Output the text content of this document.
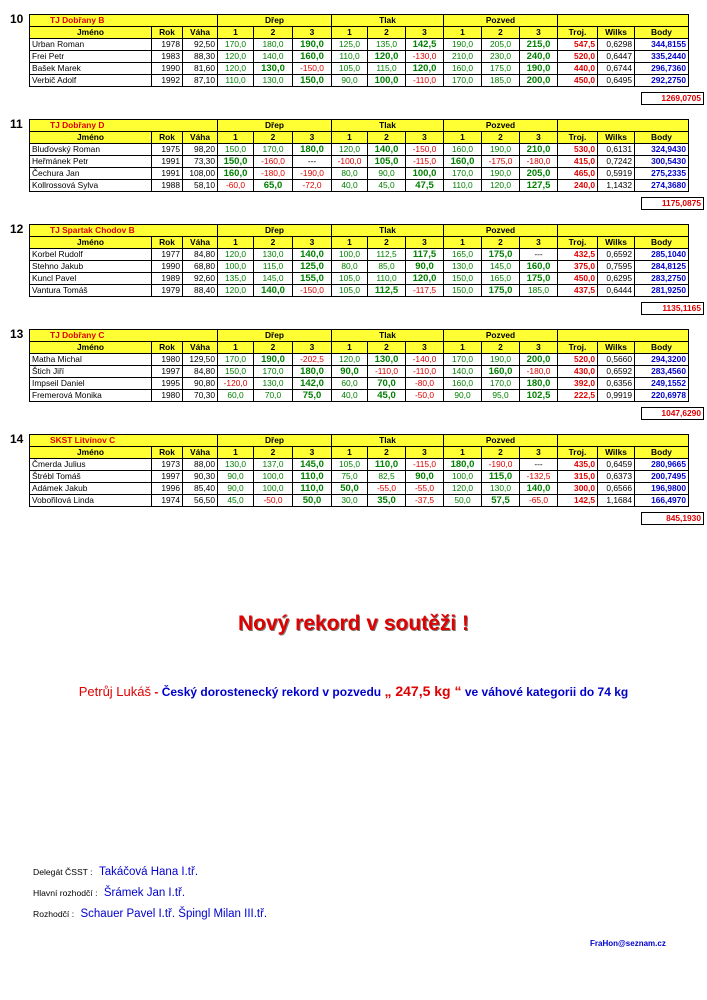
10	TJ Dobřany B			Dřep			Tlak			Pozved					
Jméno	Rok	Váha	1	2	3	1	2	3	1	2	3	Troj.	Wilks	Body
Urban Roman	1978	92,50	170,0	180,0	190,0	125,0	135,0	142,5	190,0	205,0	215,0	547,5	0,6298	344,8155
Frei Petr	1983	88,30	120,0	140,0	160,0	110,0	120,0	-130,0	210,0	230,0	240,0	520,0	0,6447	335,2440
Bašek Marek	1990	81,60	120,0	130,0	-150,0	105,0	115,0	120,0	160,0	175,0	190,0	440,0	0,6744	296,7360
Verbič Adolf	1992	87,10	110,0	130,0	150,0	90,0	100,0	-110,0	170,0	185,0	200,0	450,0	0,6495	292,2750
1269,0705
11	TJ Dobřany D			Dřep			Tlak			Pozved					
Jméno	Rok	Váha	1	2	3	1	2	3	1	2	3	Troj.	Wilks	Body
Bluďovský Roman	1975	98,20	150,0	170,0	180,0	120,0	140,0	-150,0	160,0	190,0	210,0	530,0	0,6131	324,9430
Heřmánek Petr	1991	73,30	150,0	-160,0	---	-100,0	105,0	-115,0	160,0	-175,0	-180,0	415,0	0,7242	300,5430
Čechura Jan	1991	108,00	160,0	-180,0	-190,0	80,0	90,0	100,0	170,0	190,0	205,0	465,0	0,5919	275,2335
Kollrossová Sylva	1988	58,10	-60,0	65,0	-72,0	40,0	45,0	47,5	110,0	120,0	127,5	240,0	1,1432	274,3680
1175,0875
12	TJ Spartak Chodov B			Dřep			Tlak			Pozved					
Jméno	Rok	Váha	1	2	3	1	2	3	1	2	3	Troj.	Wilks	Body
Korbel Rudolf	1977	84,80	120,0	130,0	140,0	100,0	112,5	117,5	165,0	175,0	---	432,5	0,6592	285,1040
Stehno Jakub	1990	68,80	100,0	115,0	125,0	80,0	85,0	90,0	130,0	145,0	160,0	375,0	0,7595	284,8125
Kuncl Pavel	1989	92,60	135,0	145,0	155,0	105,0	110,0	120,0	150,0	165,0	175,0	450,0	0,6295	283,2750
Vantura Tomáš	1979	88,40	120,0	140,0	-150,0	105,0	112,5	-117,5	150,0	175,0	185,0	437,5	0,6444	281,9250
1135,1165
13	TJ Dobřany C			Dřep			Tlak			Pozved					
Jméno	Rok	Váha	1	2	3	1	2	3	1	2	3	Troj.	Wilks	Body
Matha Michal	1980	129,50	170,0	190,0	-202,5	120,0	130,0	-140,0	170,0	190,0	200,0	520,0	0,5660	294,3200
Štich Jiří	1997	84,80	150,0	170,0	180,0	90,0	-110,0	-110,0	140,0	160,0	-180,0	430,0	0,6592	283,4560
Impseil Daniel	1995	90,80	-120,0	130,0	142,0	60,0	70,0	-80,0	160,0	170,0	180,0	392,0	0,6356	249,1552
Fremerová Monika	1980	70,30	60,0	70,0	75,0	40,0	45,0	-50,0	90,0	95,0	102,5	222,5	0,9919	220,6978
1047,6290
14	SKST Litvínov C			Dřep			Tlak			Pozved					
Jméno	Rok	Váha	1	2	3	1	2	3	1	2	3	Troj.	Wilks	Body
Čmerda Julius	1973	88,00	130,0	137,0	145,0	105,0	110,0	-115,0	180,0	-190,0	---	435,0	0,6459	280,9665
Štrébl Tomáš	1997	90,30	90,0	100,0	110,0	75,0	82,5	90,0	100,0	115,0	-132,5	315,0	0,6373	200,7495
Adámek Jakub	1996	85,40	90,0	100,0	110,0	50,0	-55,0	-55,0	120,0	130,0	140,0	300,0	0,6566	196,9800
Vobořilová Linda	1974	56,50	45,0	-50,0	50,0	30,0	35,0	-37,5	50,0	57,5	-65,0	142,5	1,1684	166,4970
845,1930
Nový rekord v soutěži !
Petrůj Lukáš - Český dorostenecký rekord v pozvedu „ 247,5 kg “ ve váhové kategorii do 74 kg
Delegát ČSST : Takáčová Hana I.tř.
Hlavní rozhodčí : Šrámek Jan I.tř.
Rozhodčí : Schauer Pavel I.tř. Špingl Milan III.tř.
FraHon@seznam.cz
